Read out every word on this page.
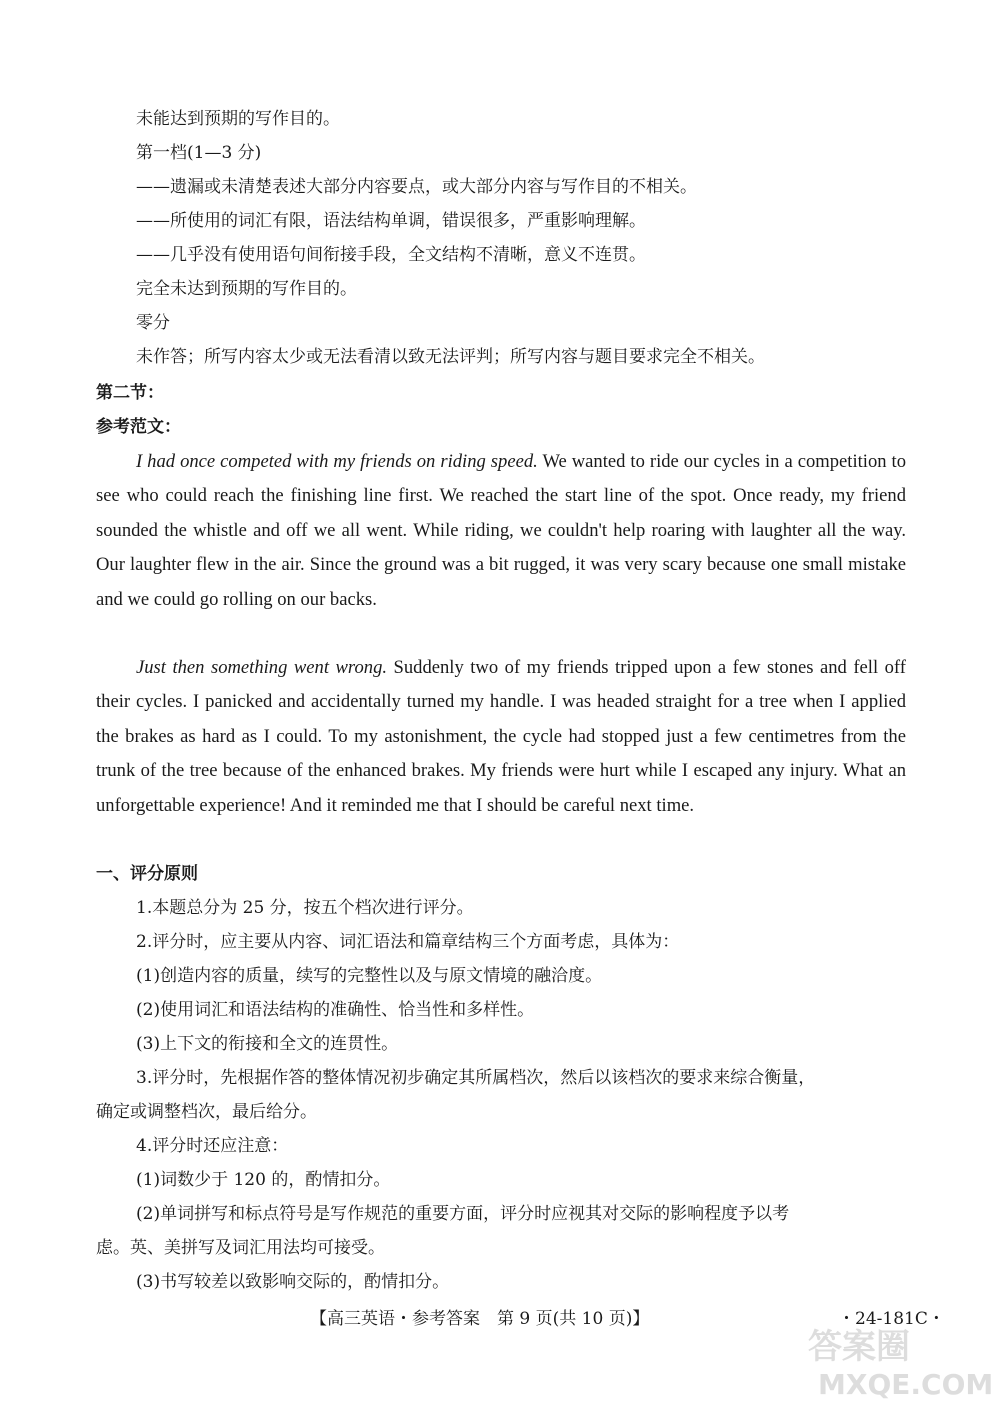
未能达到预期的写作目的。
第一档(1—3 分)
——遗漏或未清楚表述大部分内容要点，或大部分内容与写作目的不相关。
——所使用的词汇有限，语法结构单调，错误很多，严重影响理解。
——几乎没有使用语句间衔接手段，全文结构不清晰，意义不连贯。
完全未达到预期的写作目的。
零分
未作答；所写内容太少或无法看清以致无法评判；所写内容与题目要求完全不相关。
第二节：
参考范文：
I had once competed with my friends on riding speed. We wanted to ride our cycles in a competition to see who could reach the finishing line first. We reached the start line of the spot. Once ready, my friend sounded the whistle and off we all went. While riding, we couldn't help roaring with laughter all the way. Our laughter flew in the air. Since the ground was a bit rugged, it was very scary because one small mistake and we could go rolling on our backs.
Just then something went wrong. Suddenly two of my friends tripped upon a few stones and fell off their cycles. I panicked and accidentally turned my handle. I was headed straight for a tree when I applied the brakes as hard as I could. To my astonishment, the cycle had stopped just a few centimetres from the trunk of the tree because of the enhanced brakes. My friends were hurt while I escaped any injury. What an unforgettable experience! And it reminded me that I should be careful next time.
一、评分原则
1.本题总分为 25 分，按五个档次进行评分。
2.评分时，应主要从内容、词汇语法和篇章结构三个方面考虑，具体为：
(1)创造内容的质量，续写的完整性以及与原文情境的融洽度。
(2)使用词汇和语法结构的准确性、恰当性和多样性。
(3)上下文的衔接和全文的连贯性。
3.评分时，先根据作答的整体情况初步确定其所属档次，然后以该档次的要求来综合衡量，
确定或调整档次，最后给分。
4.评分时还应注意：
(1)词数少于 120 的，酌情扣分。
(2)单词拼写和标点符号是写作规范的重要方面，评分时应视其对交际的影响程度予以考
【高三英语・参考答案　第 9 页(共 10 页)】	・24-181C・
答案圈
MXQE.COM
虑。英、美拼写及词汇用法均可接受。
(3)书写较差以致影响交际的，酌情扣分。
